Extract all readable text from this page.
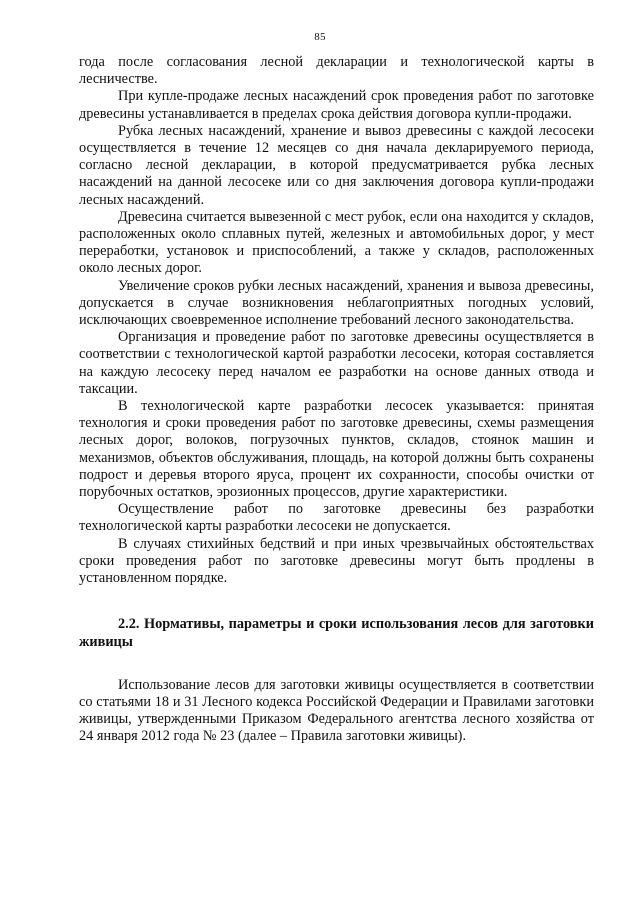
85

года после согласования лесной декларации и технологической карты в лесничестве.

При купле-продаже лесных насаждений срок проведения работ по заготовке древесины устанавливается в пределах срока действия договора купли-продажи.

Рубка лесных насаждений, хранение и вывоз древесины с каждой лесосеки осуществляется в течение 12 месяцев со дня начала декларируемого периода, согласно лесной декларации, в которой предусматривается рубка лесных насаждений на данной лесосеке или со дня заключения договора купли-продажи лесных насаждений.

Древесина считается вывезенной с мест рубок, если она находится у складов, расположенных около сплавных путей, железных и автомобильных дорог, у мест переработки, установок и приспособлений, а также у складов, расположенных около лесных дорог.

Увеличение сроков рубки лесных насаждений, хранения и вывоза древесины, допускается в случае возникновения неблагоприятных погодных условий, исключающих своевременное исполнение требований лесного законодательства.

Организация и проведение работ по заготовке древесины осуществляется в соответствии с технологической картой разработки лесосеки, которая составляется на каждую лесосеку перед началом ее разработки на основе данных отвода и таксации.

В технологической карте разработки лесосек указывается: принятая технология и сроки проведения работ по заготовке древесины, схемы размещения лесных дорог, волоков, погрузочных пунктов, складов, стоянок машин и механизмов, объектов обслуживания, площадь, на которой должны быть сохранены подрост и деревья второго яруса, процент их сохранности, способы очистки от порубочных остатков, эрозионных процессов, другие характеристики.

Осуществление работ по заготовке древесины без разработки технологической карты разработки лесосеки не допускается.

В случаях стихийных бедствий и при иных чрезвычайных обстоятельствах сроки проведения работ по заготовке древесины могут быть продлены в установленном порядке.

2.2. Нормативы, параметры и сроки использования лесов для заготовки живицы

Использование лесов для заготовки живицы осуществляется в соответствии со статьями 18 и 31 Лесного кодекса Российской Федерации и Правилами заготовки живицы, утвержденными Приказом Федерального агентства лесного хозяйства от 24 января 2012 года № 23 (далее – Правила заготовки живицы).
